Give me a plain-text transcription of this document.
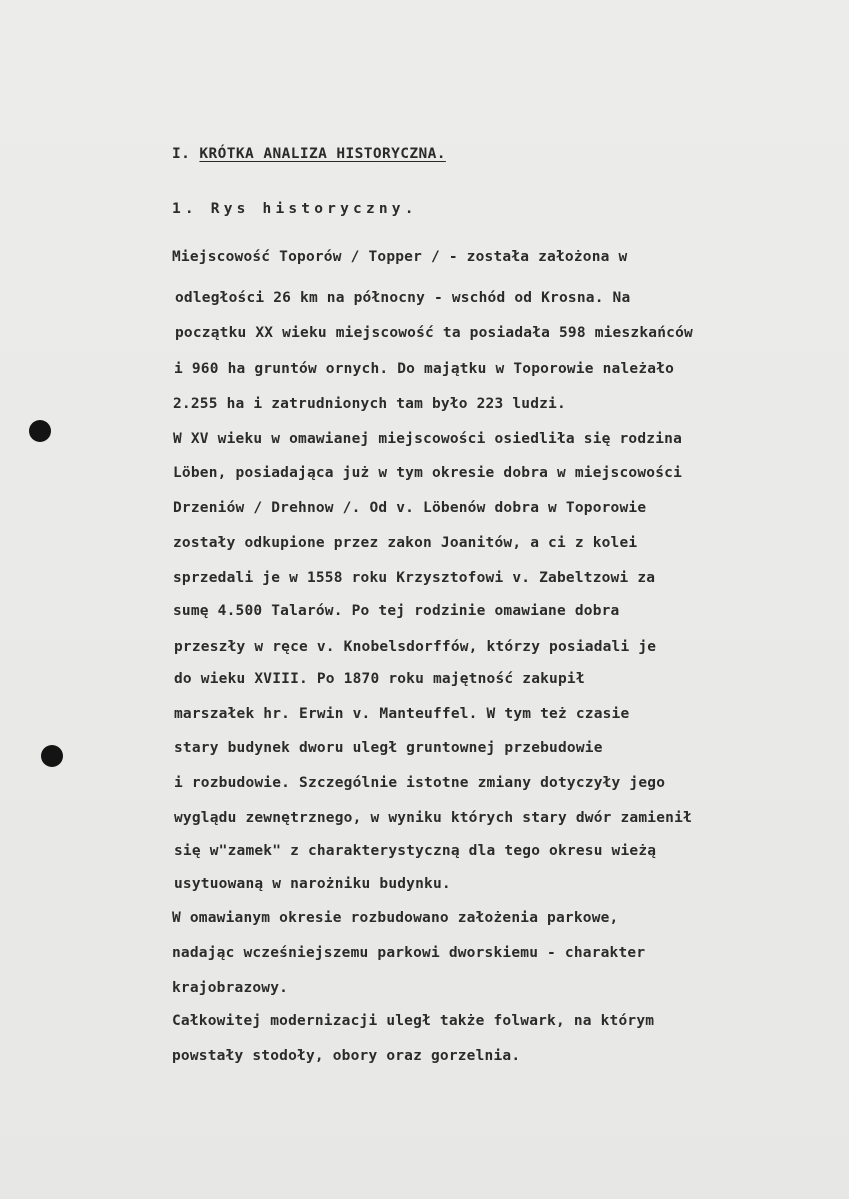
I. KRÓTKA ANALIZA HISTORYCZNA.
1. Rys historyczny.
Miejscowość Toporów / Topper / - została założona w
odległości 26 km na północny - wschód od Krosna. Na
początku XX wieku miejscowość ta posiadała 598 mieszkańców
i 960 ha gruntów ornych. Do majątku w Toporowie należało
2.255 ha i zatrudnionych tam było 223 ludzi.
W XV wieku w omawianej miejscowości osiedliła się rodzina
Löben, posiadająca już w tym okresie dobra w miejscowości
Drzeniów / Drehnow /. Od v. Löbenów dobra w Toporowie
zostały odkupione przez zakon Joanitów, a ci z kolei
sprzedali je w 1558 roku Krzysztofowi v. Zabeltzowi za
sumę 4.500 Talarów. Po tej rodzinie omawiane dobra
przeszły w ręce v. Knobelsdorffów, którzy posiadali je
do wieku XVIII. Po 1870 roku majętność zakupił
marszałek hr. Erwin v. Manteuffel. W tym też czasie
stary budynek dworu uległ gruntownej przebudowie
i rozbudowie. Szczególnie istotne zmiany dotyczyły jego
wyglądu zewnętrznego, w wyniku których stary dwór zamienił
się w"zamek" z charakterystyczną dla tego okresu wieżą
usytuowaną w narożniku budynku.
W omawianym okresie rozbudowano założenia parkowe,
nadając wcześniejszemu parkowi dworskiemu - charakter
krajobrazowy.
Całkowitej modernizacji uległ także folwark, na którym
powstały stodoły, obory oraz gorzelnia.
